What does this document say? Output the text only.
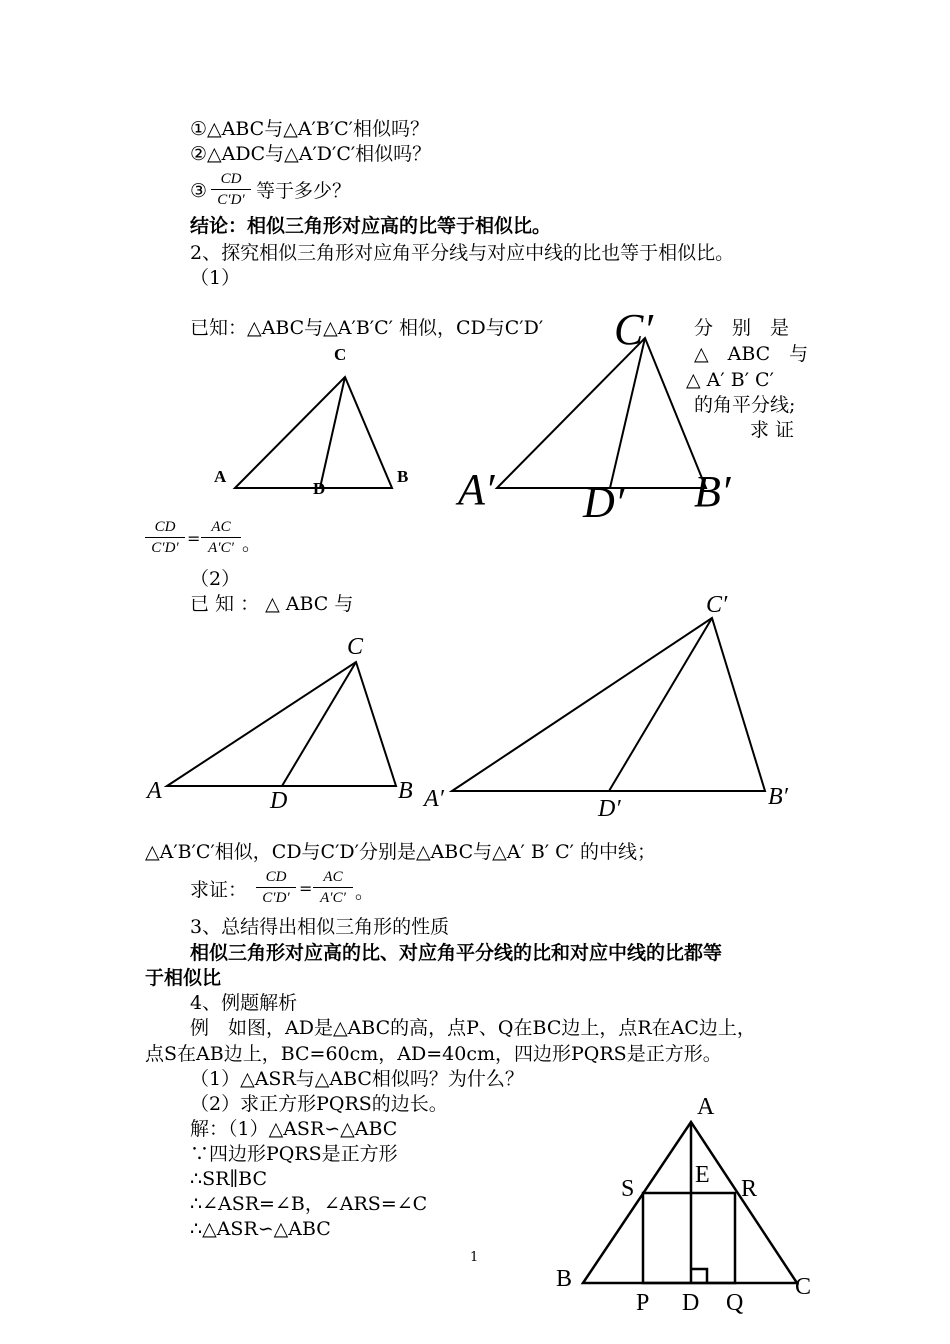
①△ABC与△A′B′C′相似吗？
②△ADC与△A′D′C′相似吗？
③
CD
C′D′ 等于多少？
结论：相似三角形对应高的比等于相似比。
2、探究相似三角形对应角平分线与对应中线的比也等于相似比。
（1）
已知：△ABC与△A′B′C′ 相似，CD与C′D′	分　别　是
△　ABC　与
△ A′ B′ C′
的角平分线;
求 证
CD
C′D′ =
AC
A′C′ 。
（2）
已 知 ： △ ABC 与
△A′B′C′相似，CD与C′D′分别是△ABC与△A′ B′ C′ 的中线；
求证：
CD
C′D′ =
AC
A′C′ 。
3、总结得出相似三角形的性质
相似三角形对应高的比、对应角平分线的比和对应中线的比都等
于相似比
4、例题解析
例　如图，AD是△ABC的高，点P、Q在BC边上，点R在AC边上，
点S在AB边上，BC=60cm，AD=40cm，四边形PQRS是正方形。
（1）△ASR与△ABC相似吗？为什么？
（2）求正方形PQRS的边长。
解：（1）△ASR∽△ABC
∵四边形PQRS是正方形
∴SR∥BC
∴∠ASR=∠B，∠ARS=∠C
∴△ASR∽△ABC
1
C
A	B
D
C′
A′	B′
D′
C
A	B
D
C′
A′	B′
D′
A
S
E
R
B	C
P D Q
